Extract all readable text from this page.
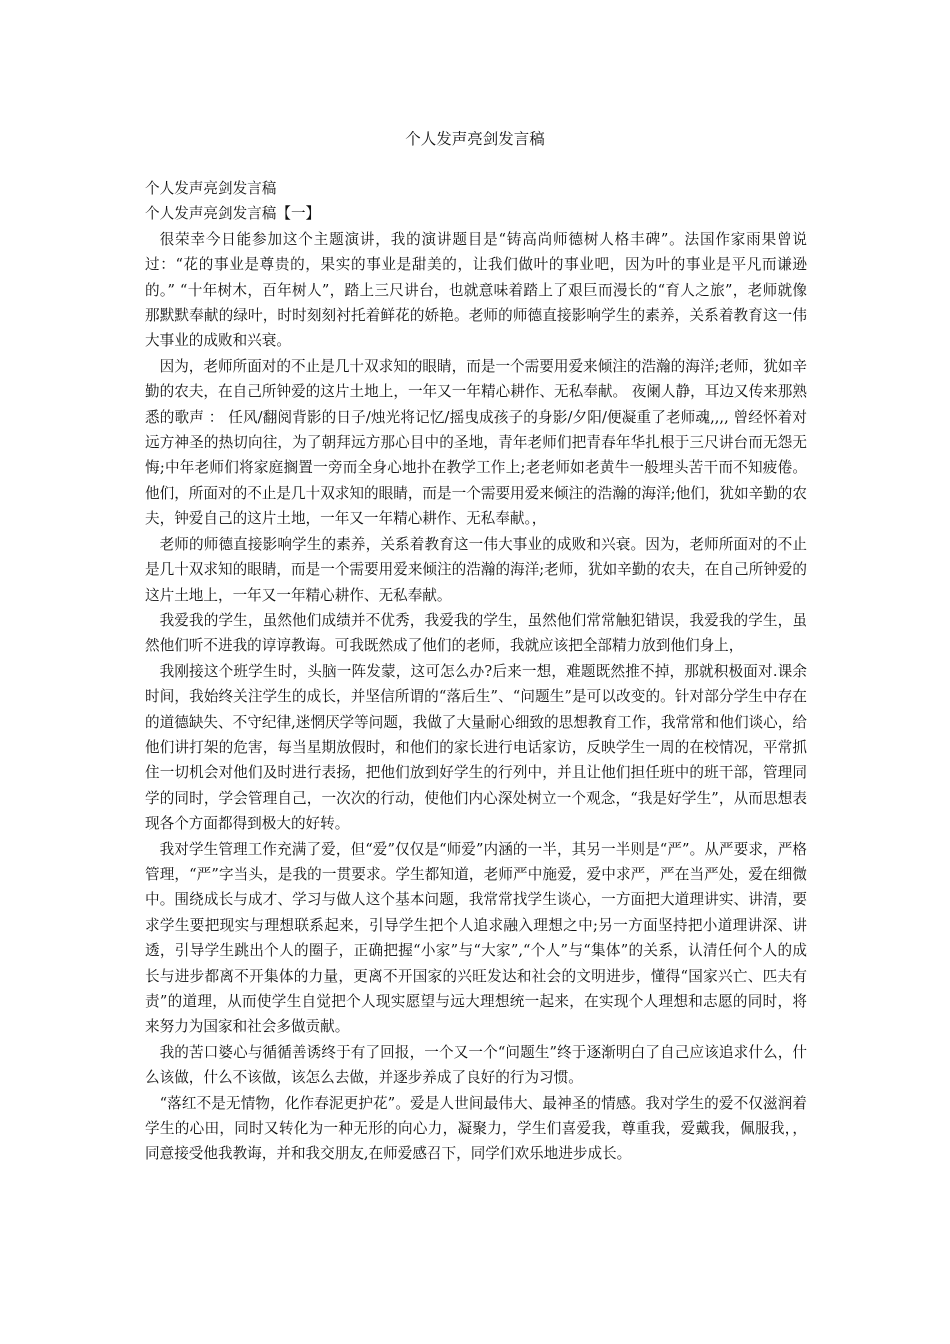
个人发声亮剑发言稿

个人发声亮剑发言稿

个人发声亮剑发言稿【一】

很荣幸今日能参加这个主题演讲，我的演讲题目是“铸高尚师德树人格丰碑”。法国作家雨果曾说过：“花的事业是尊贵的，果实的事业是甜美的，让我们做叶的事业吧，因为叶的事业是平凡而谦逊的。” “十年树木，百年树人”，踏上三尺讲台，也就意味着踏上了艰巨而漫长的“育人之旅”，老师就像那默默奉献的绿叶，时时刻刻衬托着鲜花的娇艳。老师的师德直接影响学生的素养，关系着教育这一伟大事业的成败和兴衰。

因为，老师所面对的不止是几十双求知的眼睛，而是一个需要用爱来倾注的浩瀚的海洋;老师，犹如辛勤的农夫，在自己所钟爱的这片土地上，一年又一年精心耕作、无私奉献。 夜阑人静，耳边又传来那熟悉的歌声 ： 任风/翻阅背影的日子/烛光将记忆/摇曳成孩子的身影/夕阳/便凝重了老师魂,,,, 曾经怀着对远方神圣的热切向往，为了朝拜远方那心目中的圣地，青年老师们把青春年华扎根于三尺讲台而无怨无悔;中年老师们将家庭搁置一旁而全身心地扑在教学工作上;老老师如老黄牛一般埋头苦干而不知疲倦。他们，所面对的不止是几十双求知的眼睛，而是一个需要用爱来倾注的浩瀚的海洋;他们，犹如辛勤的农夫，钟爱自己的这片土地，一年又一年精心耕作、无私奉献。，

老师的师德直接影响学生的素养，关系着教育这一伟大事业的成败和兴衰。因为，老师所面对的不止是几十双求知的眼睛，而是一个需要用爱来倾注的浩瀚的海洋;老师，犹如辛勤的农夫，在自己所钟爱的这片土地上，一年又一年精心耕作、无私奉献。

我爱我的学生，虽然他们成绩并不优秀，我爱我的学生，虽然他们常常触犯错误，我爱我的学生，虽然他们听不进我的谆谆教诲。可我既然成了他们的老师，我就应该把全部精力放到他们身上，

我刚接这个班学生时，头脑一阵发蒙，这可怎么办?后来一想，难题既然推不掉，那就积极面对.课余时间，我始终关注学生的成长，并坚信所谓的“落后生”、“问题生”是可以改变的。针对部分学生中存在的道德缺失、不守纪律,迷惘厌学等问题，我做了大量耐心细致的思想教育工作，我常常和他们谈心，给他们讲打架的危害，每当星期放假时，和他们的家长进行电话家访，反映学生一周的在校情况，平常抓住一切机会对他们及时进行表扬，把他们放到好学生的行列中，并且让他们担任班中的班干部，管理同学的同时，学会管理自己，一次次的行动，使他们内心深处树立一个观念，“我是好学生”，从而思想表现各个方面都得到极大的好转。

我对学生管理工作充满了爱，但“爱”仅仅是“师爱”内涵的一半，其另一半则是“严”。从严要求，严格管理，“严”字当头，是我的一贯要求。学生都知道，老师严中施爱，爱中求严，严在当严处，爱在细微中。围绕成长与成才、学习与做人这个基本问题，我常常找学生谈心，一方面把大道理讲实、讲清，要求学生要把现实与理想联系起来，引导学生把个人追求融入理想之中;另一方面坚持把小道理讲深、讲透，引导学生跳出个人的圈子，正确把握“小家”与“大家”,“个人”与“集体”的关系，认清任何个人的成长与进步都离不开集体的力量，更离不开国家的兴旺发达和社会的文明进步，懂得“国家兴亡、匹夫有责”的道理，从而使学生自觉把个人现实愿望与远大理想统一起来，在实现个人理想和志愿的同时，将来努力为国家和社会多做贡献。

我的苦口婆心与循循善诱终于有了回报，一个又一个“问题生”终于逐渐明白了自己应该追求什么，什么该做，什么不该做，该怎么去做，并逐步养成了良好的行为习惯。

“落红不是无情物，化作春泥更护花”。爱是人世间最伟大、最神圣的情感。我对学生的爱不仅滋润着学生的心田，同时又转化为一种无形的向心力，凝聚力，学生们喜爱我，尊重我，爱戴我，佩服我，，同意接受他我教诲，并和我交朋友,在师爱感召下，同学们欢乐地进步成长。
